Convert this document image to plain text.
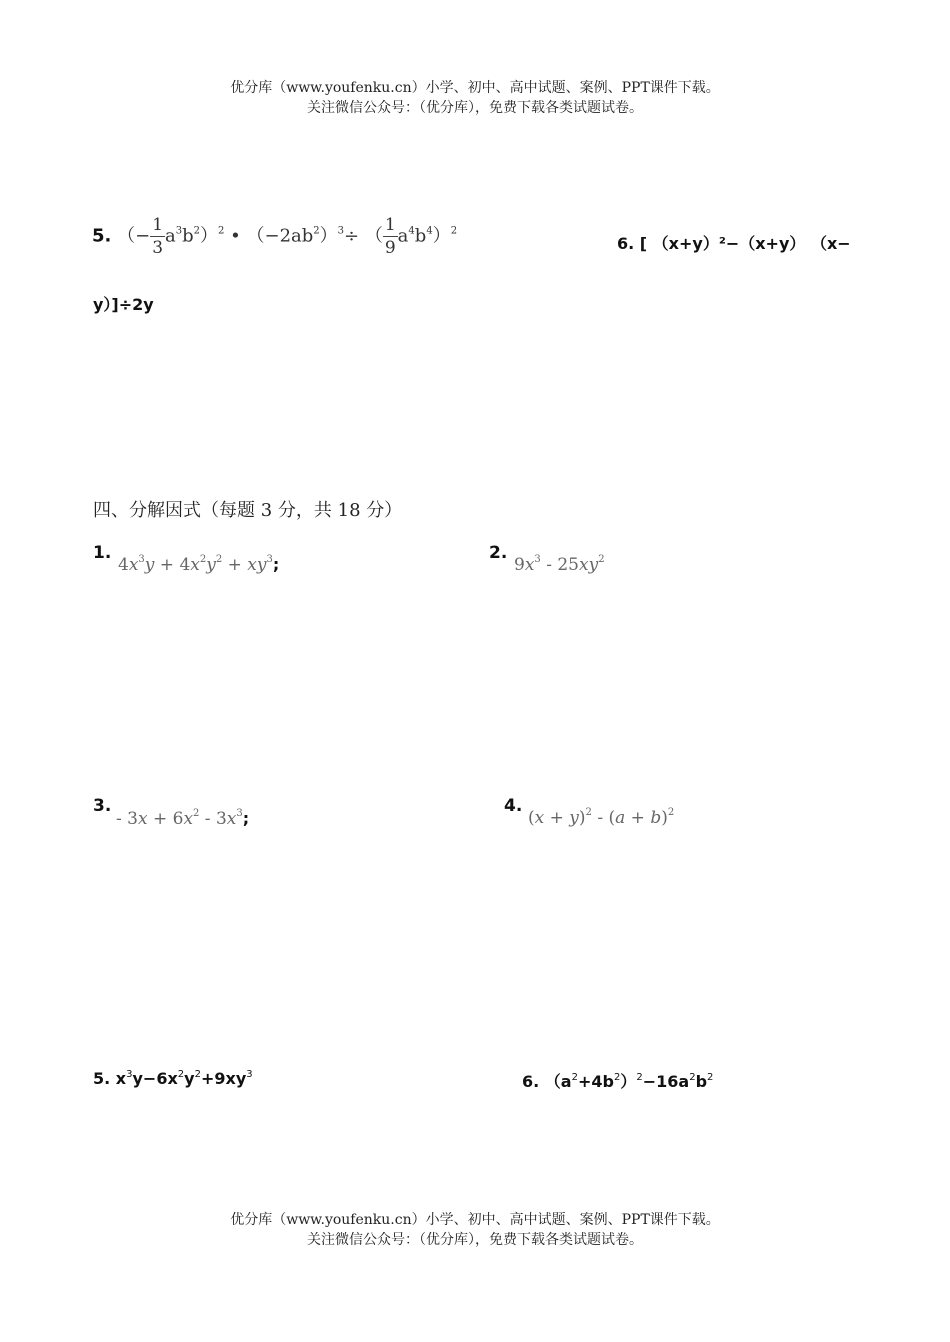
优分库（www.youfenku.cn）小学、初中、高中试题、案例、PPT课件下载。
关注微信公众号：（优分库），免费下载各类试题试卷。
5. （− $\frac{1}{3} a^3b^2)^2$ • $(-2ab^2)^3\div$ （ $\frac{1}{9} a^4b^4)^2$
6. [ （x+y）²−（x+y） （x−
y）]÷2y
四、分解因式（每题 3 分，共 18 分）
1.
$4x^3y + 4x^2y^2 + xy^3$;
2.
$9x^3 - 25xy^2$
3.
- $3x + 6x^2 - 3x^3$;
4.
$(x + y)^2 - (a + b)^2$
5. $x^3y-6x^2y^2+9xy^3$	6. $(a^2+4b^2)^2-16a^2b^2$
优分库（www.youfenku.cn）小学、初中、高中试题、案例、PPT课件下载。
关注微信公众号：（优分库），免费下载各类试题试卷。
